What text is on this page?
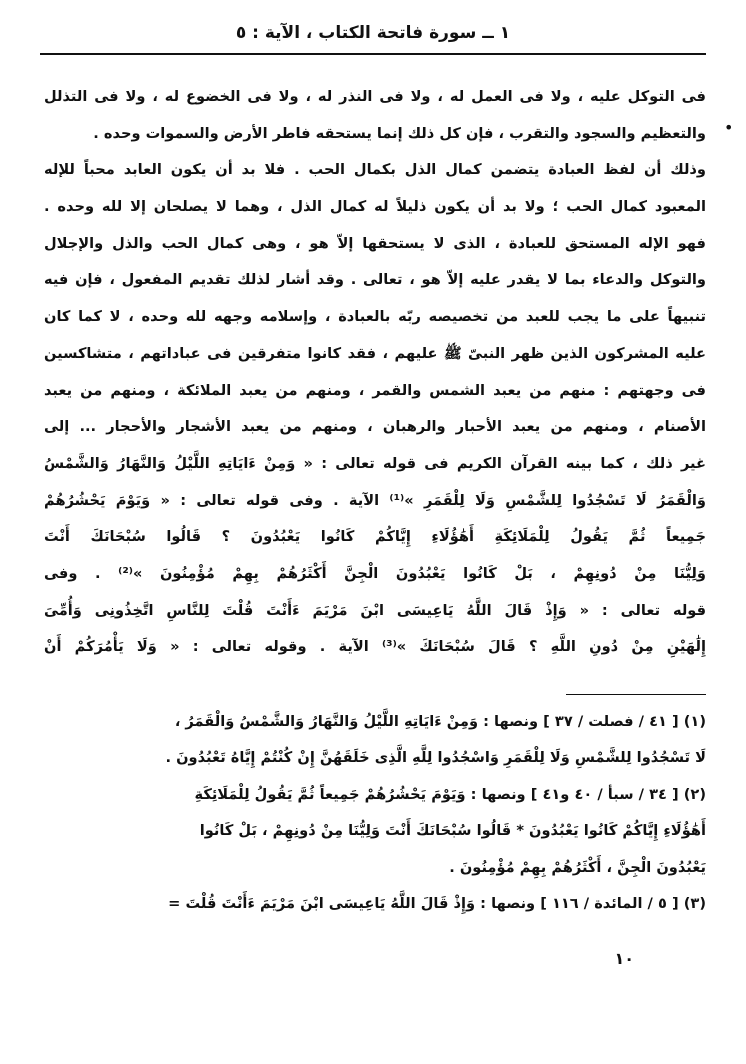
١ ــ سورة فاتحة الكتاب ، الآية : ٥
•
فى التوكل عليه ، ولا فى العمل له ، ولا فى النذر له ، ولا فى الخضوع له ، ولا فى التذلل
والتعظيم والسجود والتقرب ، فإن كل ذلك إنما يستحقه فاطر الأرض والسموات وحده .
وذلك أن لفظ العبادة يتضمن كمال الذل بكمال الحب . فلا بد أن يكون العابد محباً للإله
المعبود كمال الحب ؛ ولا بد أن يكون ذليلاً له كمال الذل ، وهما لا يصلحان إلا لله وحده .
فهو الإله المستحق للعبادة ، الذى لا يستحقها إلاّ هو ، وهى كمال الحب والذل والإجلال
والتوكل والدعاء بما لا يقدر عليه إلاّ هو ، تعالى . وقد أشار لذلك تقديم المفعول ، فإن فيه
تنبيهاً على ما يجب للعبد من تخصيصه ربّه بالعبادة ، وإسلامه وجهه لله وحده ، لا كما كان
عليه المشركون الذين ظهر النبىّ ﷺ عليهم ، فقد كانوا متفرقين فى عباداتهم ، متشاكسين
فى وجهتهم : منهم من يعبد الشمس والقمر ، ومنهم من يعبد الملائكة ، ومنهم من يعبد
الأصنام ، ومنهم من يعبد الأحبار والرهبان ، ومنهم من يعبد الأشجار والأحجار ... إلى
غير ذلك ، كما بينه القرآن الكريم فى قوله تعالى : « وَمِنْ ءَايَاتِهِ اللَّيْلُ وَالنَّهَارُ وَالشَّمْسُ
وَالْقَمَرُ لَا تَسْجُدُوا لِلشَّمْسِ وَلَا لِلْقَمَرِ »⁽¹⁾ الآية . وفى قوله تعالى : « وَيَوْمَ يَحْشُرُهُمْ
جَمِيعاً ثُمَّ يَقُولُ لِلْمَلَائِكَةِ أَهَٰؤُلَاءِ إِيَّاكُمْ كَانُوا يَعْبُدُونَ ؟ قَالُوا سُبْحَانَكَ أَنْتَ
وَلِيُّنَا مِنْ دُونِهِمْ ، بَلْ كَانُوا يَعْبُدُونَ الْجِنَّ أَكْثَرُهُمْ بِهِمْ مُؤْمِنُونَ »⁽²⁾ . وفى
قوله تعالى : « وَإِذْ قَالَ اللَّهُ يَاعِيسَى ابْنَ مَرْيَمَ ءَأَنْتَ قُلْتَ لِلنَّاسِ اتَّخِذُونِى وَأُمِّىَ
إِلَٰهَيْنِ مِنْ دُونِ اللَّهِ ؟ قَالَ سُبْحَانَكَ »⁽³⁾ الآية . وقوله تعالى : « وَلَا يَأْمُرَكُمْ أَنْ
(١) [ ٤١ / فصلت / ٣٧ ] ونصها : وَمِنْ ءَايَاتِهِ اللَّيْلُ وَالنَّهَارُ وَالشَّمْسُ وَالْقَمَرُ ،
لَا تَسْجُدُوا لِلشَّمْسِ وَلَا لِلْقَمَرِ وَاسْجُدُوا لِلَّهِ الَّذِى خَلَقَهُنَّ إِنْ كُنْتُمْ إِيَّاهُ تَعْبُدُونَ .
(٢) [ ٣٤ / سبأ / ٤٠ و٤١ ] ونصها : وَيَوْمَ يَحْشُرُهُمْ جَمِيعاً ثُمَّ يَقُولُ لِلْمَلَائِكَةِ
أَهَٰؤُلَاءِ إِيَّاكُمْ كَانُوا يَعْبُدُونَ * قَالُوا سُبْحَانَكَ أَنْتَ وَلِيُّنَا مِنْ دُونِهِمْ ، بَلْ كَانُوا
يَعْبُدُونَ الْجِنَّ ، أَكْثَرُهُمْ بِهِمْ مُؤْمِنُونَ .
(٣) [ ٥ / المائدة / ١١٦ ] ونصها : وَإِذْ قَالَ اللَّهُ يَاعِيسَى ابْنَ مَرْيَمَ ءَأَنْتَ قُلْتَ =
١٠
